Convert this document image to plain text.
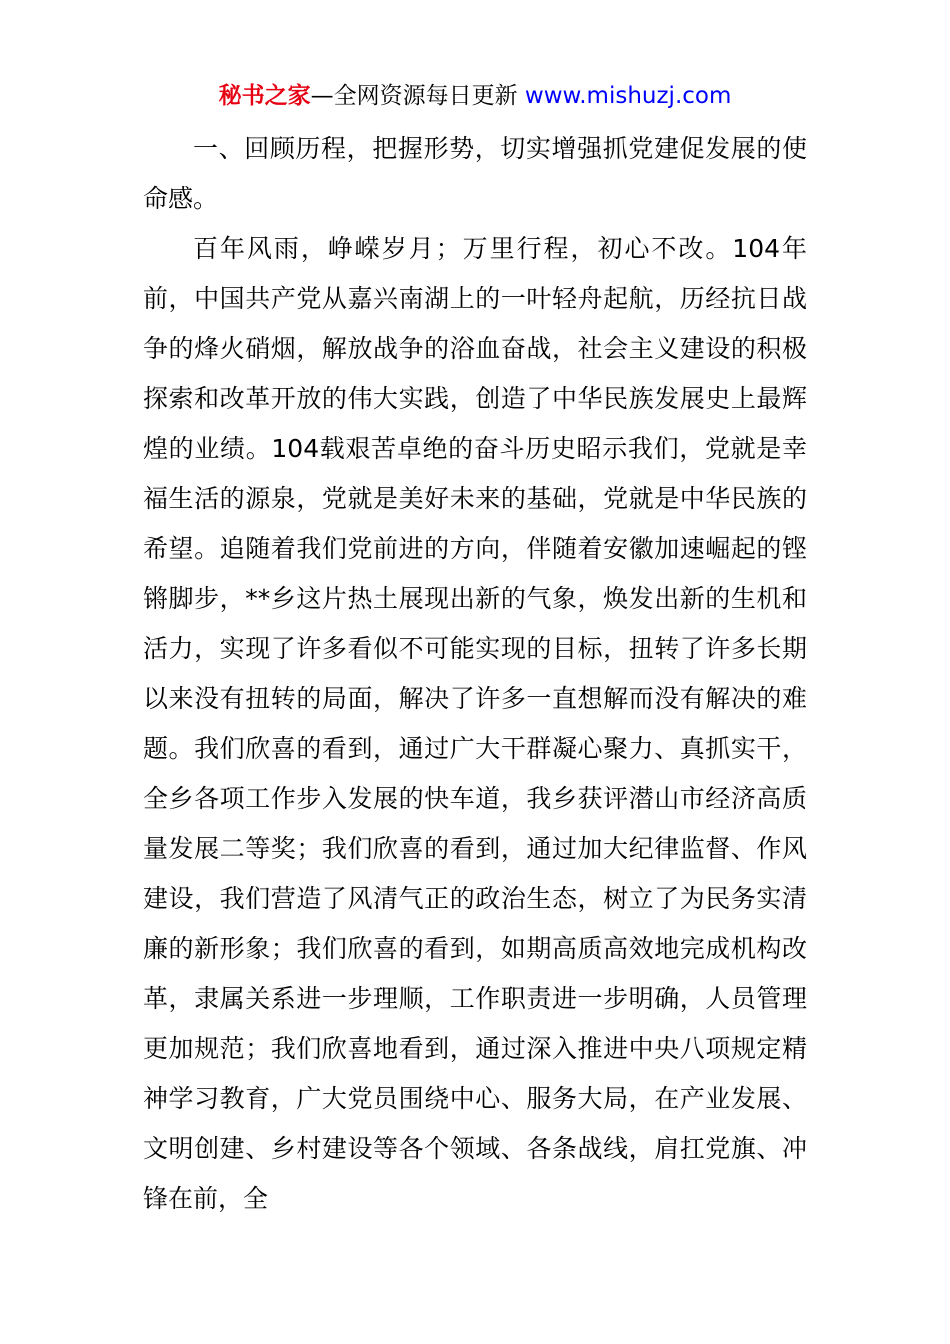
秘书之家—全网资源每日更新 www.mishuzj.com

一、回顾历程，把握形势，切实增强抓党建促发展的使命感。

百年风雨，峥嵘岁月；万里行程，初心不改。104年前，中国共产党从嘉兴南湖上的一叶轻舟起航，历经抗日战争的烽火硝烟，解放战争的浴血奋战，社会主义建设的积极探索和改革开放的伟大实践，创造了中华民族发展史上最辉煌的业绩。104载艰苦卓绝的奋斗历史昭示我们，党就是幸福生活的源泉，党就是美好未来的基础，党就是中华民族的希望。追随着我们党前进的方向，伴随着安徽加速崛起的铿锵脚步，**乡这片热土展现出新的气象，焕发出新的生机和活力，实现了许多看似不可能实现的目标，扭转了许多长期以来没有扭转的局面，解决了许多一直想解而没有解决的难题。我们欣喜的看到，通过广大干群凝心聚力、真抓实干，全乡各项工作步入发展的快车道，我乡获评潜山市经济高质量发展二等奖；我们欣喜的看到，通过加大纪律监督、作风建设，我们营造了风清气正的政治生态，树立了为民务实清廉的新形象；我们欣喜的看到，如期高质高效地完成机构改革，隶属关系进一步理顺，工作职责进一步明确，人员管理更加规范；我们欣喜地看到，通过深入推进中央八项规定精神学习教育，广大党员围绕中心、服务大局，在产业发展、文明创建、乡村建设等各个领域、各条战线，肩扛党旗、冲锋在前，全
